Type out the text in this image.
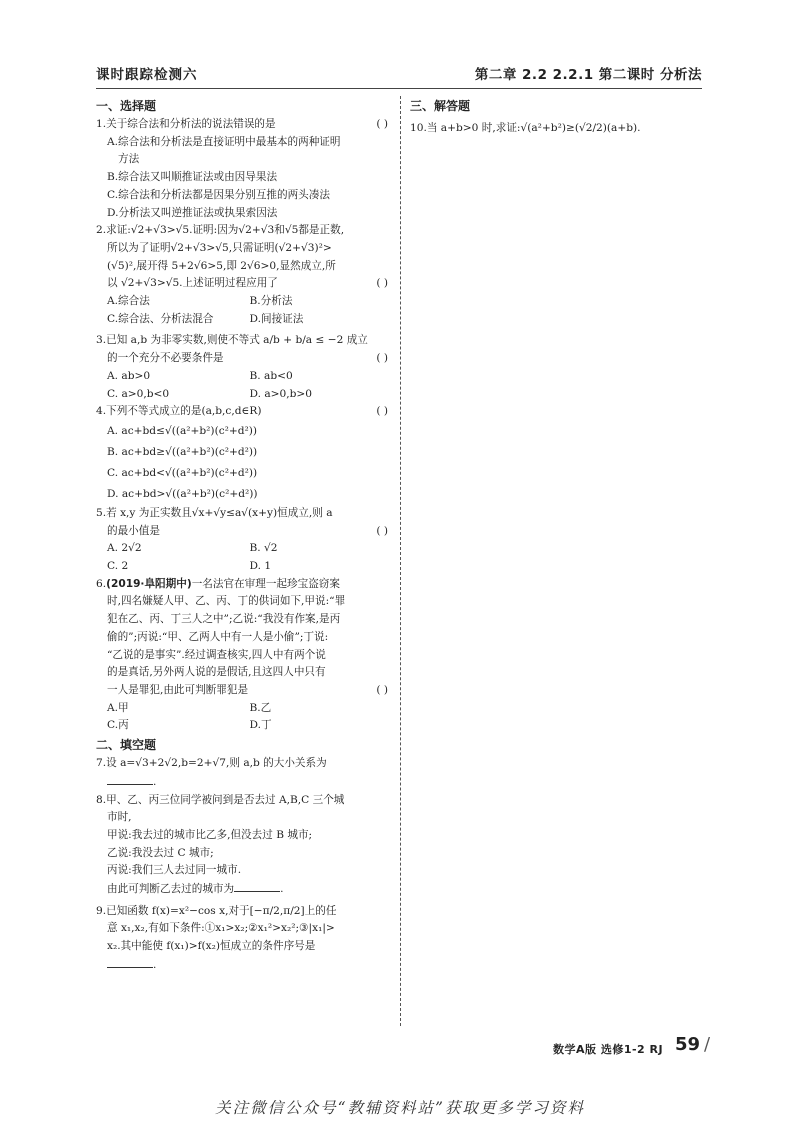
课时跟踪检测六	第二章 2.2 2.2.1 第二课时 分析法
一、选择题
1.关于综合法和分析法的说法错误的是	( )
A.综合法和分析法是直接证明中最基本的两种证明
方法
B.综合法又叫顺推证法或由因导果法
C.综合法和分析法都是因果分别互推的两头凑法
D.分析法又叫逆推证法或执果索因法
2.求证:√2+√3>√5.证明:因为√2+√3和√5都是正数,
所以为了证明√2+√3>√5,只需证明(√2+√3)²>
(√5)²,展开得 5+2√6>5,即 2√6>0,显然成立,所
以 √2+√3>√5.上述证明过程应用了	( )
A.综合法	B.分析法
C.综合法、分析法混合	D.间接证法
3.已知 a,b 为非零实数,则使不等式 a/b + b/a ≤ −2 成立
的一个充分不必要条件是	( )
A. ab>0	B. ab<0
C. a>0,b<0	D. a>0,b>0
4.下列不等式成立的是(a,b,c,d∈R)	( )
A. ac+bd≤√((a²+b²)(c²+d²))
B. ac+bd≥√((a²+b²)(c²+d²))
C. ac+bd<√((a²+b²)(c²+d²))
D. ac+bd>√((a²+b²)(c²+d²))
5.若 x,y 为正实数且√x+√y≤a√(x+y)恒成立,则 a
的最小值是	( )
A. 2√2	B. √2
C. 2	D. 1
6.(2019·阜阳期中)一名法官在审理一起珍宝盗窃案
时,四名嫌疑人甲、乙、丙、丁的供词如下,甲说:“罪
犯在乙、丙、丁三人之中”;乙说:“我没有作案,是丙
偷的”;丙说:“甲、乙两人中有一人是小偷”;丁说:
“乙说的是事实”.经过调查核实,四人中有两个说
的是真话,另外两人说的是假话,且这四人中只有
一人是罪犯,由此可判断罪犯是	( )
A.甲	B.乙
C.丙	D.丁
二、填空题
7.设 a=√3+2√2,b=2+√7,则 a,b 的大小关系为
.
8.甲、乙、丙三位同学被问到是否去过 A,B,C 三个城
市时,
甲说:我去过的城市比乙多,但没去过 B 城市;
乙说:我没去过 C 城市;
丙说:我们三人去过同一城市.
由此可判断乙去过的城市为	.
9.已知函数 f(x)=x²−cos x,对于[−π/2,π/2]上的任
意 x₁,x₂,有如下条件:①x₁>x₂;②x₁²>x₂²;③|x₁|>
x₂.其中能使 f(x₁)>f(x₂)恒成立的条件序号是
.
三、解答题
10.当 a+b>0 时,求证:√(a²+b²)≥(√2/2)(a+b).
数学A版 选修1-2 RJ 59 /
关注微信公众号“教辅资料站”获取更多学习资料
